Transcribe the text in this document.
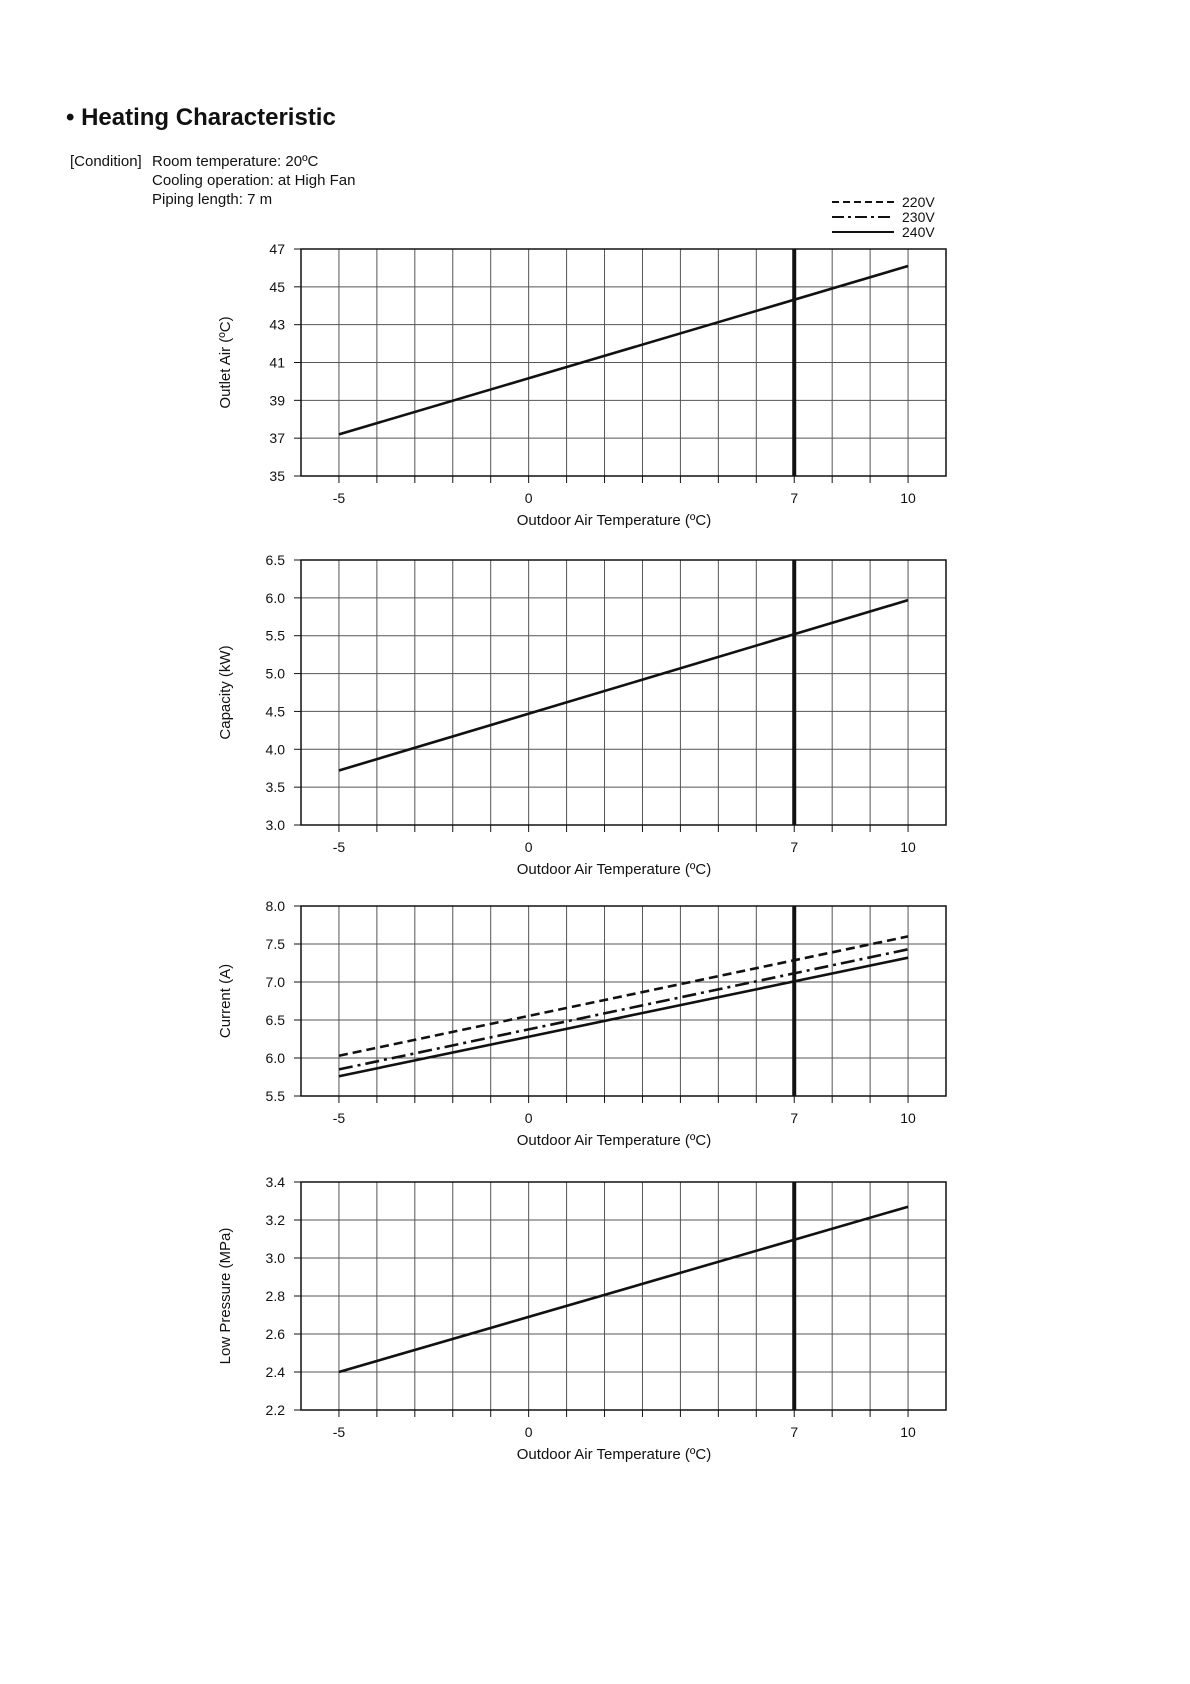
• Heating Characteristic
[Condition] Room temperature: 20ºC
Cooling operation: at High Fan
Piping length: 7 m	220V
230V
240V
35
37
39
41
43
45
47
-5	0	7	10
Outdoor Air Temperature (ºC)
Outlet Air (ºC)
3.0
3.5
4.0
4.5
5.0
5.5
6.0
6.5
-5	0	7	10
Outdoor Air Temperature (ºC)
Capacity (kW)
5.5
6.0
6.5
7.0
7.5
8.0
-5	0	7	10
Outdoor Air Temperature (ºC)
Current (A)
2.2
2.4
2.6
2.8
3.0
3.2
3.4
-5	0	7	10
Outdoor Air Temperature (ºC)
Low Pressure (MPa)
